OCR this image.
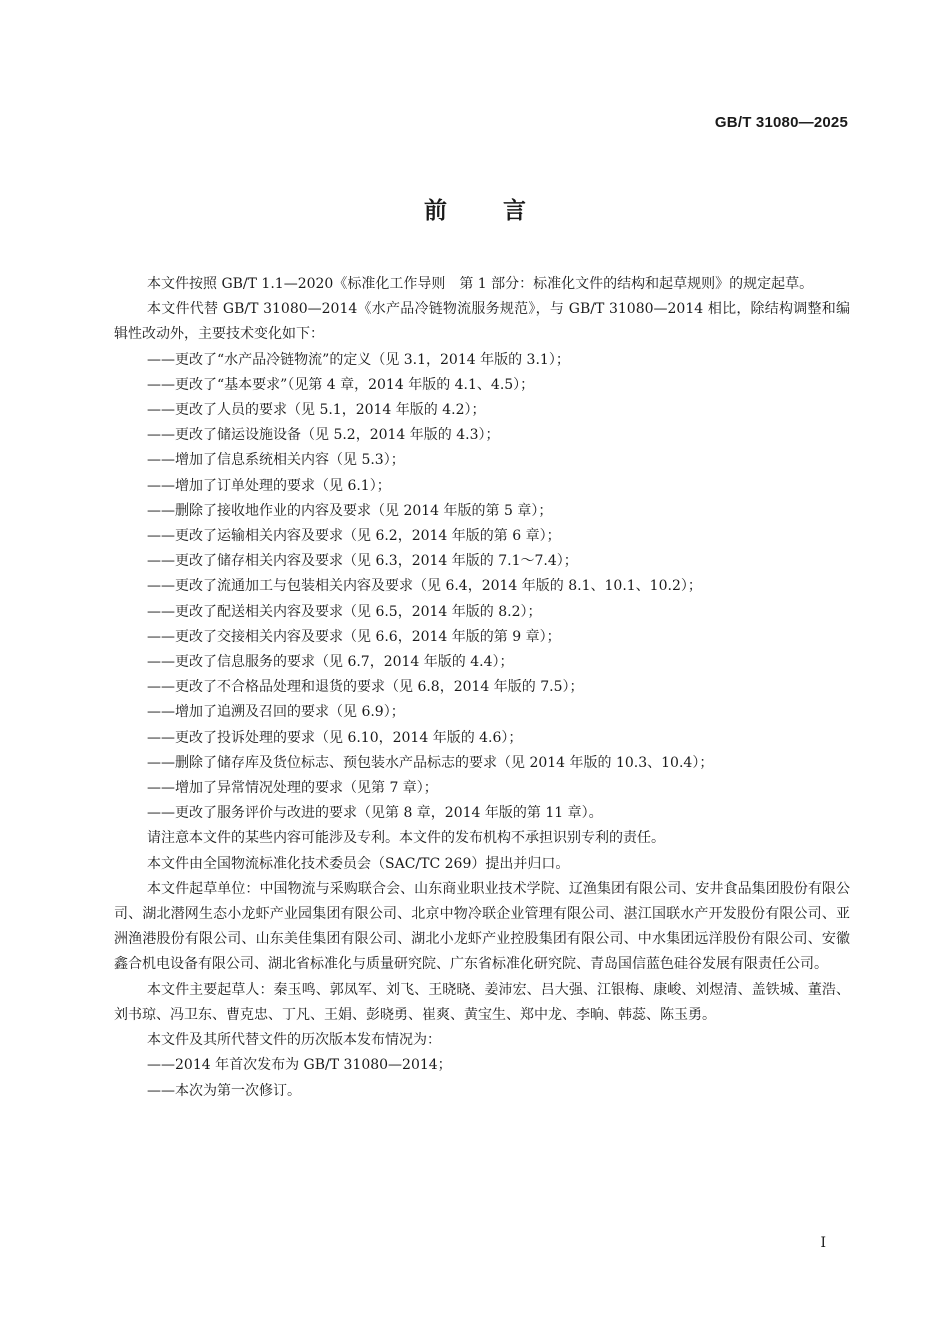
GB/T 31080—2025
前言

本文件按照 GB/T 1.1—2020《标准化工作导则　第 1 部分：标准化文件的结构和起草规则》的规定起草。

本文件代替 GB/T 31080—2014《水产品冷链物流服务规范》，与 GB/T 31080—2014 相比，除结构调整和编辑性改动外，主要技术变化如下：

——更改了“水产品冷链物流”的定义（见 3.1，2014 年版的 3.1）；

——更改了“基本要求”（见第 4 章，2014 年版的 4.1、4.5）；

——更改了人员的要求（见 5.1，2014 年版的 4.2）；

——更改了储运设施设备（见 5.2，2014 年版的 4.3）；

——增加了信息系统相关内容（见 5.3）；

——增加了订单处理的要求（见 6.1）；

——删除了接收地作业的内容及要求（见 2014 年版的第 5 章）；

——更改了运输相关内容及要求（见 6.2，2014 年版的第 6 章）；

——更改了储存相关内容及要求（见 6.3，2014 年版的 7.1～7.4）；

——更改了流通加工与包装相关内容及要求（见 6.4，2014 年版的 8.1、10.1、10.2）；

——更改了配送相关内容及要求（见 6.5，2014 年版的 8.2）；

——更改了交接相关内容及要求（见 6.6，2014 年版的第 9 章）；

——更改了信息服务的要求（见 6.7，2014 年版的 4.4）；

——更改了不合格品处理和退货的要求（见 6.8，2014 年版的 7.5）；

——增加了追溯及召回的要求（见 6.9）；

——更改了投诉处理的要求（见 6.10，2014 年版的 4.6）；

——删除了储存库及货位标志、预包装水产品标志的要求（见 2014 年版的 10.3、10.4）；

——增加了异常情况处理的要求（见第 7 章）；

——更改了服务评价与改进的要求（见第 8 章，2014 年版的第 11 章）。

请注意本文件的某些内容可能涉及专利。本文件的发布机构不承担识别专利的责任。

本文件由全国物流标准化技术委员会（SAC/TC 269）提出并归口。

本文件起草单位：中国物流与采购联合会、山东商业职业技术学院、辽渔集团有限公司、安井食品集团股份有限公司、湖北潜网生态小龙虾产业园集团有限公司、北京中物冷联企业管理有限公司、湛江国联水产开发股份有限公司、亚洲渔港股份有限公司、山东美佳集团有限公司、湖北小龙虾产业控股集团有限公司、中水集团远洋股份有限公司、安徽鑫合机电设备有限公司、湖北省标准化与质量研究院、广东省标准化研究院、青岛国信蓝色硅谷发展有限责任公司。

本文件主要起草人：秦玉鸣、郭凤军、刘飞、王晓晓、姜沛宏、吕大强、江银梅、康峻、刘煜清、盖铁城、董浩、刘书琼、冯卫东、曹克忠、丁凡、王娟、彭晓勇、崔爽、黄宝生、郑中龙、李晌、韩蕊、陈玉勇。

本文件及其所代替文件的历次版本发布情况为：

——2014 年首次发布为 GB/T 31080—2014；

——本次为第一次修订。

I
